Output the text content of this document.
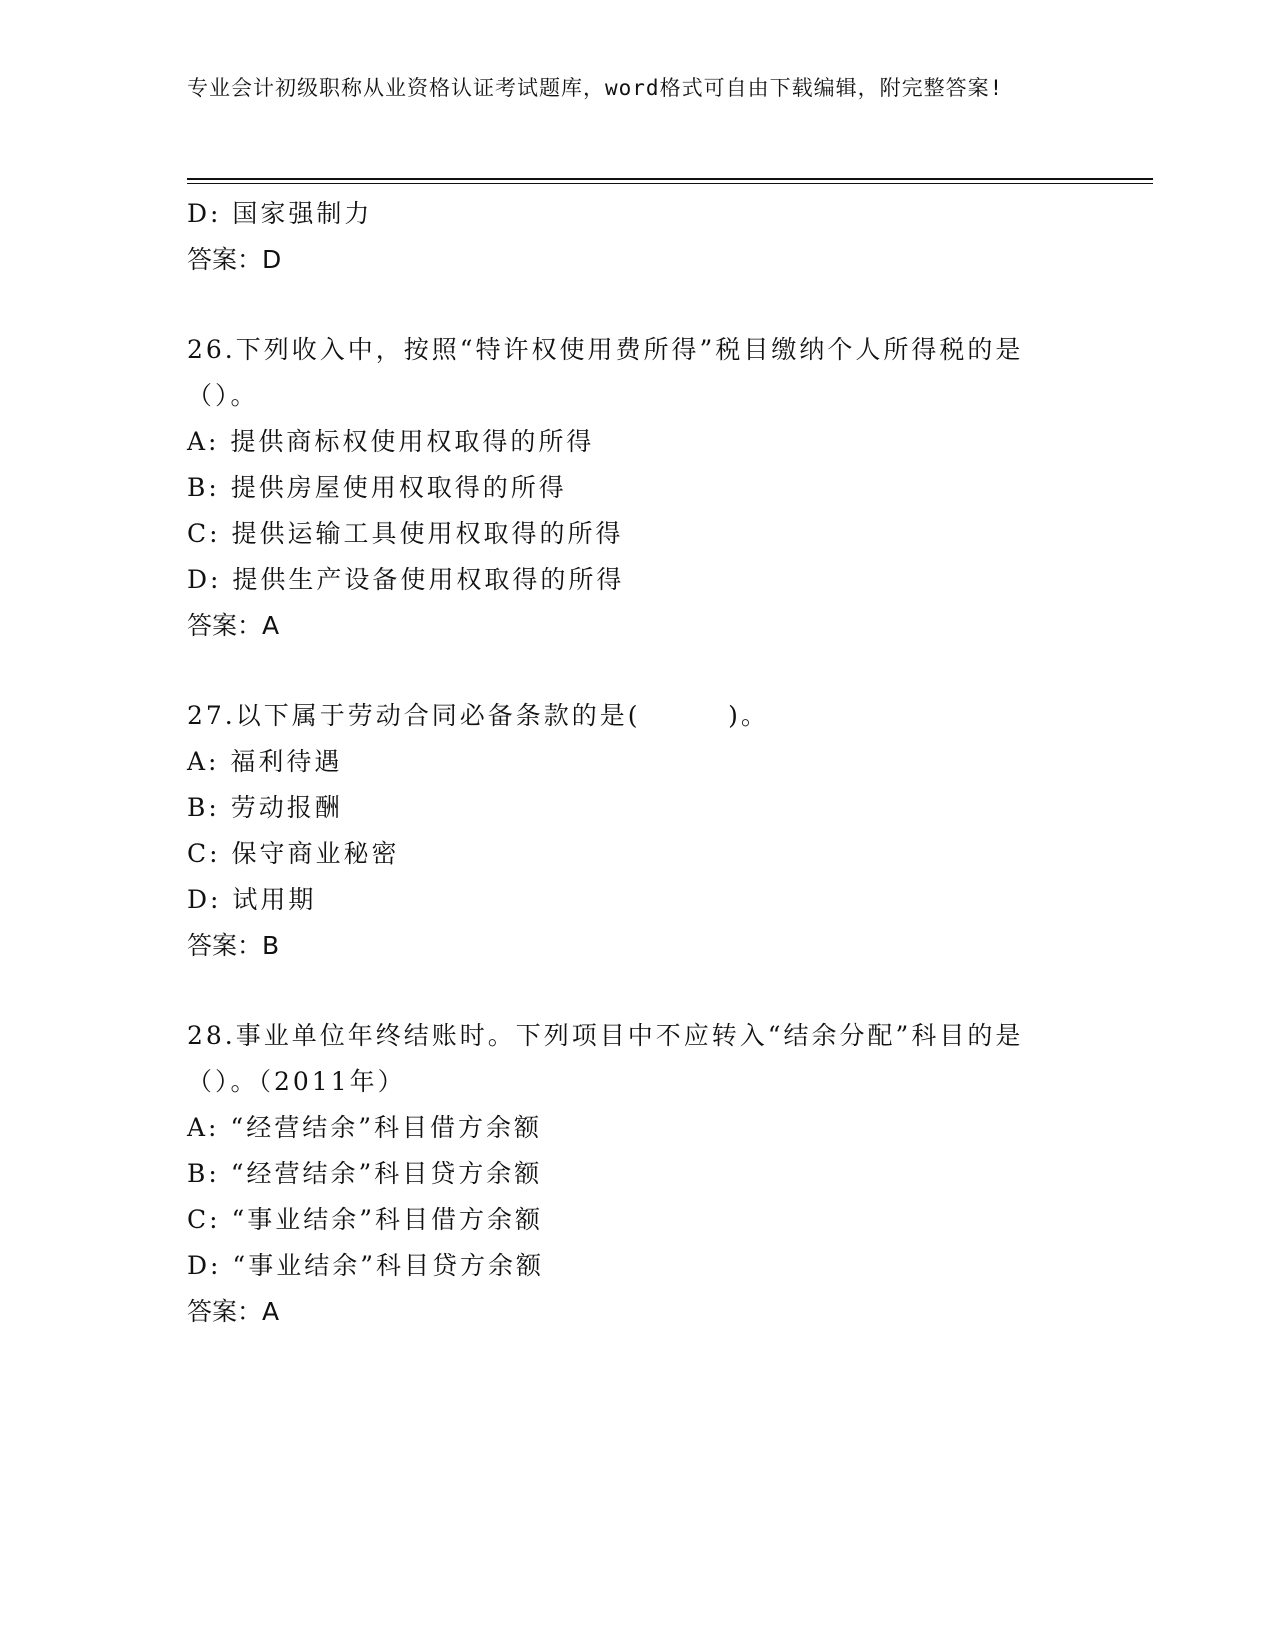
专业会计初级职称从业资格认证考试题库，word格式可自由下载编辑，附完整答案!
D: 国家强制力
答案：D
26.下列收入中，按照“特许权使用费所得”税目缴纳个人所得税的是
（）。
A: 提供商标权使用权取得的所得
B: 提供房屋使用权取得的所得
C: 提供运输工具使用权取得的所得
D: 提供生产设备使用权取得的所得
答案：A
27.以下属于劳动合同必备条款的是(        )。
A: 福利待遇
B: 劳动报酬
C: 保守商业秘密
D: 试用期
答案：B
28.事业单位年终结账时。下列项目中不应转入“结余分配”科目的是
（）。（2011年）
A: “经营结余”科目借方余额
B: “经营结余”科目贷方余额
C: “事业结余”科目借方余额
D: “事业结余”科目贷方余额
答案：A
